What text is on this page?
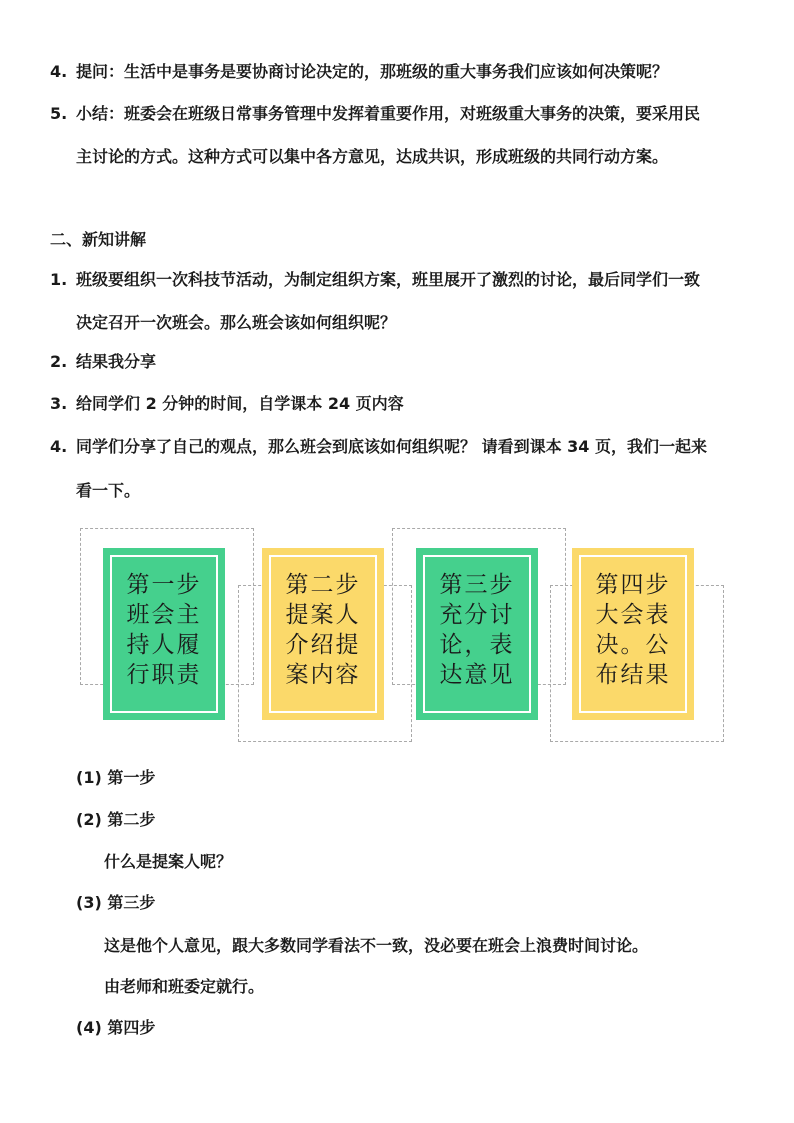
4. 提问：生活中是事务是要协商讨论决定的，那班级的重大事务我们应该如何决策呢？
5. 小结：班委会在班级日常事务管理中发挥着重要作用，对班级重大事务的决策，要采用民
主讨论的方式。这种方式可以集中各方意见，达成共识，形成班级的共同行动方案。
二、新知讲解
1. 班级要组织一次科技节活动，为制定组织方案，班里展开了激烈的讨论，最后同学们一致
决定召开一次班会。那么班会该如何组织呢？
2. 结果我分享
3. 给同学们 2 分钟的时间，自学课本 24 页内容
4. 同学们分享了自己的观点，那么班会到底该如何组织呢？ 请看到课本 34 页，我们一起来
看一下。
第一步
班会主
持人履
行职责
第二步
提案人
介绍提
案内容
第三步
充分讨
论，表
达意见
第四步
大会表
决。公
布结果
(1) 第一步
(2) 第二步
什么是提案人呢？
(3) 第三步
这是他个人意见，跟大多数同学看法不一致，没必要在班会上浪费时间讨论。
由老师和班委定就行。
(4) 第四步
